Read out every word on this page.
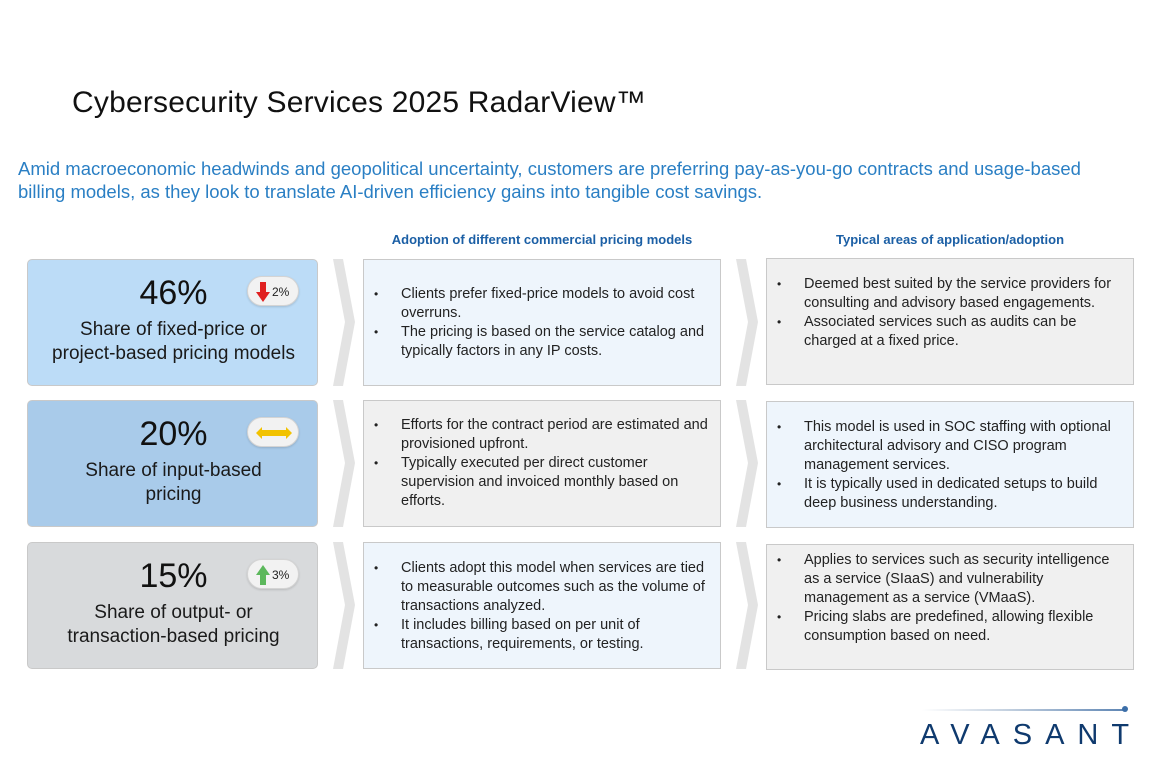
Cybersecurity Services 2025 RadarView™
Amid macroeconomic headwinds and geopolitical uncertainty, customers are preferring pay-as-you-go contracts and usage-based billing models, as they look to translate AI-driven efficiency gains into tangible cost savings.
Adoption of different commercial pricing models	Typical areas of application/adoption
46%	2%
Share of fixed-price or
project-based pricing models
• Clients prefer fixed-price models to avoid cost overruns.
• The pricing is based on the service catalog and typically factors in any IP costs.
• Deemed best suited by the service providers for consulting and advisory based engagements.
• Associated services such as audits can be charged at a fixed price.
20%
Share of input-based
pricing
• Efforts for the contract period are estimated and provisioned upfront.
• Typically executed per direct customer supervision and invoiced monthly based on efforts.
• This model is used in SOC staffing with optional architectural advisory and CISO program management services.
• It is typically used in dedicated setups to build deep business understanding.
15%	3%
Share of output- or
transaction-based pricing
• Clients adopt this model when services are tied to measurable outcomes such as the volume of transactions analyzed.
• It includes billing based on per unit of transactions, requirements, or testing.
• Applies to services such as security intelligence as a service (SIaaS) and vulnerability management as a service (VMaaS).
• Pricing slabs are predefined, allowing flexible consumption based on need.
AVASANT
